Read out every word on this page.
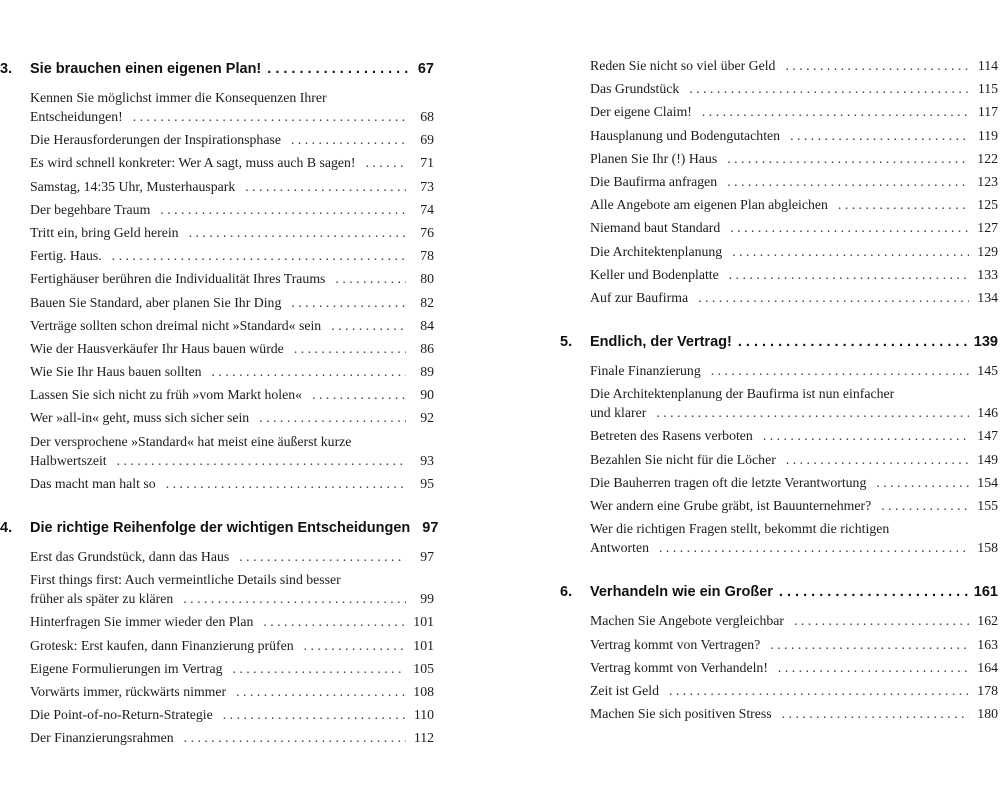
3.	Sie brauchen einen eigenen Plan! . . .	67
Kennen Sie möglichst immer die Konsequenzen Ihrer
Entscheidungen! . . .	68
Die Herausforderungen der Inspirationsphase . . .	69
Es wird schnell konkreter: Wer A sagt, muss auch B sagen! . . .	71
Samstag, 14:35 Uhr, Musterhauspark . . .	73
Der begehbare Traum . . .	74
Tritt ein, bring Geld herein . . .	76
Fertig. Haus. . . .	78
Fertighäuser berühren die Individualität Ihres Traums . . .	80
Bauen Sie Standard, aber planen Sie Ihr Ding . . .	82
Verträge sollten schon dreimal nicht »Standard« sein . . .	84
Wie der Hausverkäufer Ihr Haus bauen würde . . .	86
Wie Sie Ihr Haus bauen sollten . . .	89
Lassen Sie sich nicht zu früh »vom Markt holen« . . .	90
Wer »all-in« geht, muss sich sicher sein . . .	92
Der versprochene »Standard« hat meist eine äußerst kurze
Halbwertszeit . . .	93
Das macht man halt so . . .	95
4.	Die richtige Reihenfolge der wichtigen Entscheidungen 97
Erst das Grundstück, dann das Haus . . .	97
First things first: Auch vermeintliche Details sind besser
früher als später zu klären . . .	99
Hinterfragen Sie immer wieder den Plan . . .	101
Grotesk: Erst kaufen, dann Finanzierung prüfen . . .	101
Eigene Formulierungen im Vertrag . . .	105
Vorwärts immer, rückwärts nimmer . . .	108
Die Point-of-no-Return-Strategie . . .	110
Der Finanzierungsrahmen . . .	112
Reden Sie nicht so viel über Geld . . .	114
Das Grundstück . . .	115
Der eigene Claim! . . .	117
Hausplanung und Bodengutachten . . .	119
Planen Sie Ihr (!) Haus . . .	122
Die Baufirma anfragen . . .	123
Alle Angebote am eigenen Plan abgleichen . . .	125
Niemand baut Standard . . .	127
Die Architektenplanung . . .	129
Keller und Bodenplatte . . .	133
Auf zur Baufirma . . .	134
5.	Endlich, der Vertrag! . . .	139
Finale Finanzierung . . .	145
Die Architektenplanung der Baufirma ist nun einfacher
und klarer . . .	146
Betreten des Rasens verboten . . .	147
Bezahlen Sie nicht für die Löcher . . .	149
Die Bauherren tragen oft die letzte Verantwortung . . .	154
Wer andern eine Grube gräbt, ist Bauunternehmer? . . .	155
Wer die richtigen Fragen stellt, bekommt die richtigen
Antworten . . .	158
6.	Verhandeln wie ein Großer . . .	161
Machen Sie Angebote vergleichbar . . .	162
Vertrag kommt von Vertragen? . . .	163
Vertrag kommt von Verhandeln! . . .	164
Zeit ist Geld . . .	178
Machen Sie sich positiven Stress . . .	180
